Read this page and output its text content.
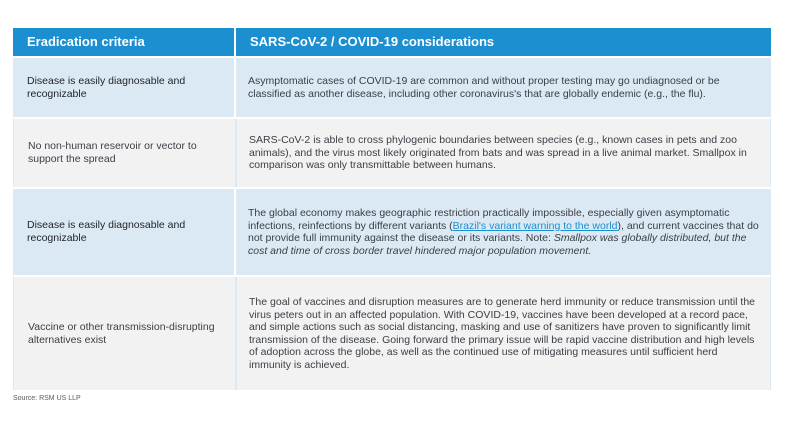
Eradication criteria	SARS-CoV-2 / COVID-19 considerations
Disease is easily diagnosable and recognizable
Asymptomatic cases of COVID-19 are common and without proper testing may go undiagnosed or be classified as another disease, including other coronavirus's that are globally endemic (e.g., the flu).
No non-human reservoir or vector to support the spread
SARS-CoV-2 is able to cross phylogenic boundaries between species (e.g., known cases in pets and zoo animals), and the virus most likely originated from bats and was spread in a live animal market. Smallpox in comparison was only transmittable between humans.
Disease is easily diagnosable and recognizable
The global economy makes geographic restriction practically impossible, especially given asymptomatic infections, reinfections by different variants (Brazil's variant warning to the world), and current vaccines that do not provide full immunity against the disease or its variants. Note: Smallpox was globally distributed, but the cost and time of cross border travel hindered major population movement.
Vaccine or other transmission-disrupting alternatives exist
The goal of vaccines and disruption measures are to generate herd immunity or reduce transmission until the virus peters out in an affected population. With COVID-19, vaccines have been developed at a record pace, and simple actions such as social distancing, masking and use of sanitizers have proven to significantly limit transmission of the disease. Going forward the primary issue will be rapid vaccine distribution and high levels of adoption across the globe, as well as the continued use of mitigating measures until sufficient herd immunity is achieved.
Source: RSM US LLP
